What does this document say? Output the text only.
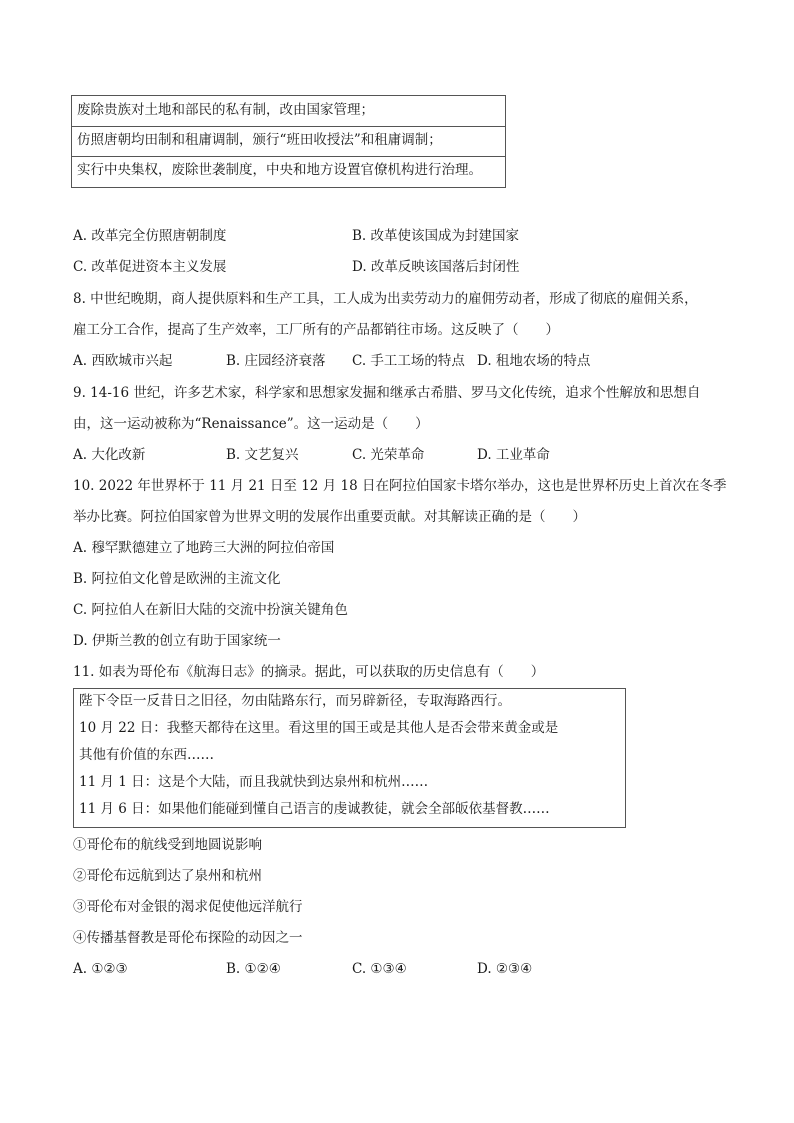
废除贵族对土地和部民的私有制，改由国家管理；
仿照唐朝均田制和租庸调制，颁行“班田收授法”和租庸调制；
实行中央集权，废除世袭制度，中央和地方设置官僚机构进行治理。
A. 改革完全仿照唐朝制度	B. 改革使该国成为封建国家
C. 改革促进资本主义发展	D. 改革反映该国落后封闭性
8. 中世纪晚期，商人提供原料和生产工具，工人成为出卖劳动力的雇佣劳动者，形成了彻底的雇佣关系，
雇工分工合作，提高了生产效率，工厂所有的产品都销往市场。这反映了（　　）
A. 西欧城市兴起	B. 庄园经济衰落 C. 手工工场的特点 D. 租地农场的特点
9. 14-16 世纪，许多艺术家，科学家和思想家发掘和继承古希腊、罗马文化传统，追求个性解放和思想自
由，这一运动被称为“Renaissance”。这一运动是（　　）
A. 大化改新	B. 文艺复兴	C. 光荣革命	D. 工业革命
10. 2022 年世界杯于 11 月 21 日至 12 月 18 日在阿拉伯国家卡塔尔举办，这也是世界杯历史上首次在冬季
举办比赛。阿拉伯国家曾为世界文明的发展作出重要贡献。对其解读正确的是（　　）
A. 穆罕默德建立了地跨三大洲的阿拉伯帝国
B. 阿拉伯文化曾是欧洲的主流文化
C. 阿拉伯人在新旧大陆的交流中扮演关键角色
D. 伊斯兰教的创立有助于国家统一
11. 如表为哥伦布《航海日志》的摘录。据此，可以获取的历史信息有（　　）
陛下令臣一反昔日之旧径，勿由陆路东行，而另辟新径，专取海路西行。
10 月 22 日：我整天都待在这里。看这里的国王或是其他人是否会带来黄金或是
其他有价值的东西……
11 月 1 日：这是个大陆，而且我就快到达泉州和杭州……
11 月 6 日：如果他们能碰到懂自己语言的虔诚教徒，就会全部皈依基督教……
①哥伦布的航线受到地圆说影响
②哥伦布远航到达了泉州和杭州
③哥伦布对金银的渴求促使他远洋航行
④传播基督教是哥伦布探险的动因之一
A. ①②③	B. ①②④	C. ①③④	D. ②③④
